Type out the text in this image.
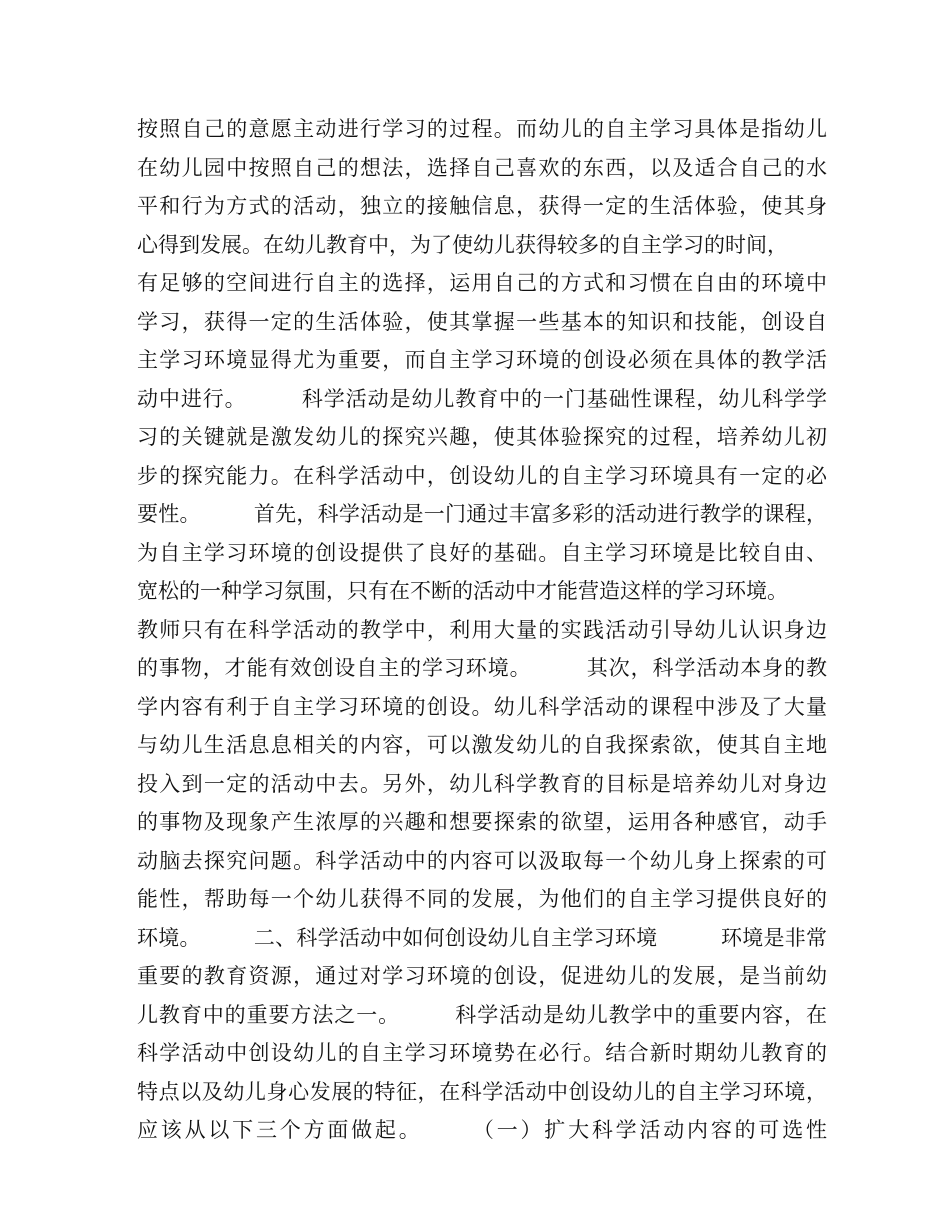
按照自己的意愿主动进行学习的过程。而幼儿的自主学习具体是指幼儿
在幼儿园中按照自己的想法，选择自己喜欢的东西，以及适合自己的水
平和行为方式的活动，独立的接触信息，获得一定的生活体验，使其身
心得到发展。在幼儿教育中，为了使幼儿获得较多的自主学习的时间，
有足够的空间进行自主的选择，运用自己的方式和习惯在自由的环境中
学习，获得一定的生活体验，使其掌握一些基本的知识和技能，创设自
主学习环境显得尤为重要，而自主学习环境的创设必须在具体的教学活
动中进行。　　　科学活动是幼儿教育中的一门基础性课程，幼儿科学学
习的关键就是激发幼儿的探究兴趣，使其体验探究的过程，培养幼儿初
步的探究能力。在科学活动中，创设幼儿的自主学习环境具有一定的必
要性。　　　首先，科学活动是一门通过丰富多彩的活动进行教学的课程，
为自主学习环境的创设提供了良好的基础。自主学习环境是比较自由、
宽松的一种学习氛围，只有在不断的活动中才能营造这样的学习环境。
教师只有在科学活动的教学中，利用大量的实践活动引导幼儿认识身边
的事物，才能有效创设自主的学习环境。　　　其次，科学活动本身的教
学内容有利于自主学习环境的创设。幼儿科学活动的课程中涉及了大量
与幼儿生活息息相关的内容，可以激发幼儿的自我探索欲，使其自主地
投入到一定的活动中去。另外，幼儿科学教育的目标是培养幼儿对身边
的事物及现象产生浓厚的兴趣和想要探索的欲望，运用各种感官，动手
动脑去探究问题。科学活动中的内容可以汲取每一个幼儿身上探索的可
能性，帮助每一个幼儿获得不同的发展，为他们的自主学习提供良好的
环境。　　　二、科学活动中如何创设幼儿自主学习环境　　　环境是非常
重要的教育资源，通过对学习环境的创设，促进幼儿的发展，是当前幼
儿教育中的重要方法之一。　　　科学活动是幼儿教学中的重要内容，在
科学活动中创设幼儿的自主学习环境势在必行。结合新时期幼儿教育的
特点以及幼儿身心发展的特征，在科学活动中创设幼儿的自主学习环境，
应该从以下三个方面做起。　　　（一）扩大科学活动内容的可选性
